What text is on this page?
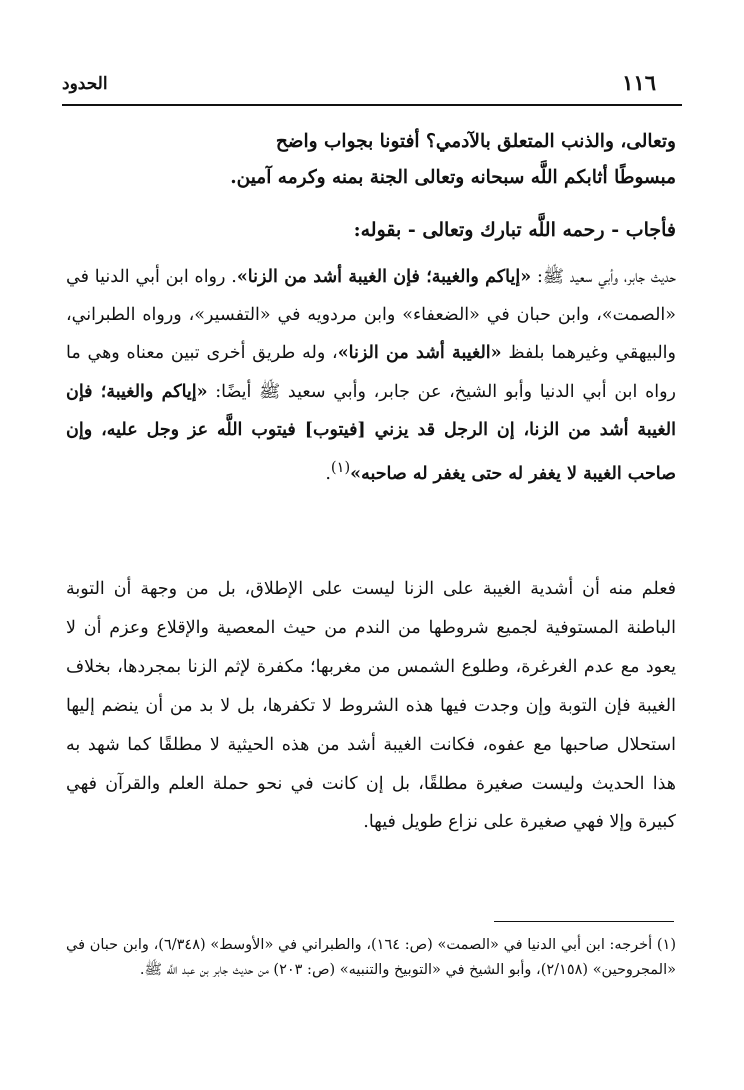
١١٦
الحدود
وتعالى، والذنب المتعلق بالآدمي؟ أفتونا بجواب واضح
مبسوطًا أثابكم اللَّه سبحانه وتعالى الجنة بمنه وكرمه آمين.
فأجاب - رحمه اللَّه تبارك وتعالى - بقوله:
حديث جابر، وأبي سعيد ﷺ: «إياكم والغيبة؛ فإن الغيبة أشد من الزنا». رواه ابن أبي الدنيا في «الصمت»، وابن حبان في «الضعفاء» وابن مردويه في «التفسير»، ورواه الطبراني، والبيهقي وغيرهما بلفظ «الغيبة أشد من الزنا»، وله طريق أخرى تبين معناه وهي ما رواه ابن أبي الدنيا وأبو الشيخ، عن جابر، وأبي سعيد ﷺ أيضًا: «إياكم والغيبة؛ فإن الغيبة أشد من الزنا، إن الرجل قد يزني [فيتوب] فيتوب اللَّه عز وجل عليه، وإن صاحب الغيبة لا يغفر له حتى يغفر له صاحبه»$^{(١)}$.
فعلم منه أن أشدية الغيبة على الزنا ليست على الإطلاق، بل من وجهة أن التوبة الباطنة المستوفية لجميع شروطها من الندم من حيث المعصية والإقلاع وعزم أن لا يعود مع عدم الغرغرة، وطلوع الشمس من مغربها؛ مكفرة لإثم الزنا بمجردها، بخلاف الغيبة فإن التوبة وإن وجدت فيها هذه الشروط لا تكفرها، بل لا بد من أن ينضم إليها استحلال صاحبها مع عفوه، فكانت الغيبة أشد من هذه الحيثية لا مطلقًا كما شهد به هذا الحديث وليست صغيرة مطلقًا، بل إن كانت في نحو حملة العلم والقرآن فهي كبيرة وإلا فهي صغيرة على نزاع طويل فيها.
(١) أخرجه: ابن أبي الدنيا في «الصمت» (ص: ١٦٤)، والطبراني في «الأوسط» (٦/٣٤٨)، وابن حبان في «المجروحين» (٢/١٥٨)، وأبو الشيخ في «التوبيخ والتنبيه» (ص: ٢٠٣) من حديث جابر بن عبد اللَّه ﷺ.
